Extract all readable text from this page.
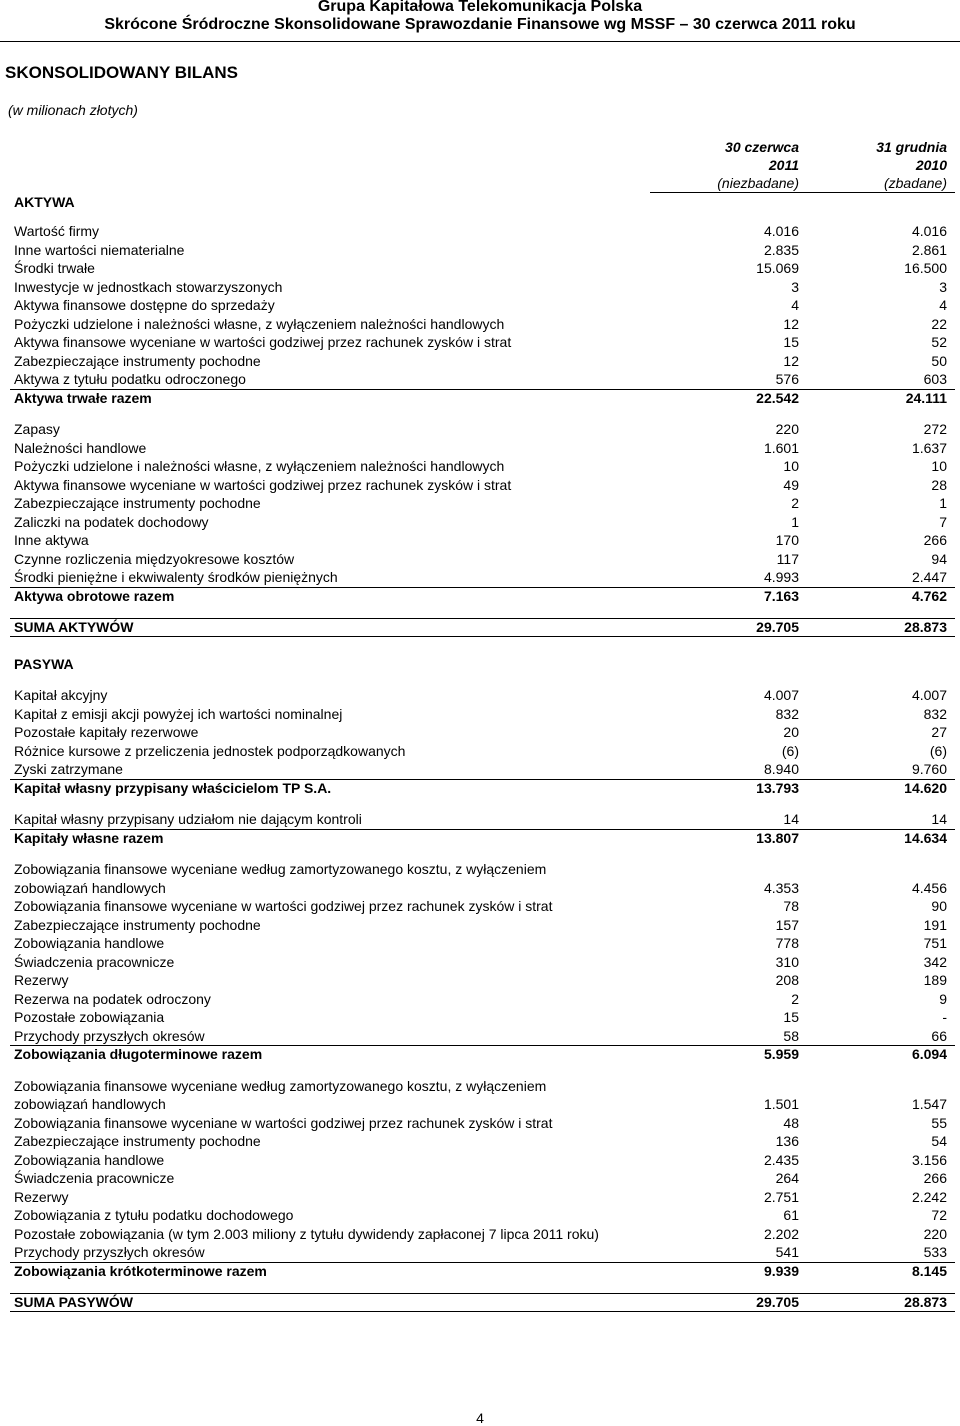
Grupa Kapitałowa Telekomunikacja Polska
Skrócone Śródroczne Skonsolidowane Sprawozdanie Finansowe wg MSSF – 30 czerwca 2011 roku
SKONSOLIDOWANY BILANS
(w milionach złotych)
AKTYWA
30 czerwca
2011
(niezbadane)
31 grudnia
2010
(zbadane)
Wartość firmy	4.016	4.016
Inne wartości niematerialne	2.835	2.861
Środki trwałe	15.069	16.500
Inwestycje w jednostkach stowarzyszonych	3	3
Aktywa finansowe dostępne do sprzedaży	4	4
Pożyczki udzielone i należności własne, z wyłączeniem należności handlowych	12	22
Aktywa finansowe wyceniane w wartości godziwej przez rachunek zysków i strat	15	52
Zabezpieczające instrumenty pochodne	12	50
Aktywa z tytułu podatku odroczonego	576	603
Aktywa trwałe razem	22.542	24.111
Zapasy	220	272
Należności handlowe	1.601	1.637
Pożyczki udzielone i należności własne, z wyłączeniem należności handlowych	10	10
Aktywa finansowe wyceniane w wartości godziwej przez rachunek zysków i strat	49	28
Zabezpieczające instrumenty pochodne	2	1
Zaliczki na podatek dochodowy	1	7
Inne aktywa	170	266
Czynne rozliczenia międzyokresowe kosztów	117	94
Środki pieniężne i ekwiwalenty środków pieniężnych	4.993	2.447
Aktywa obrotowe razem	7.163	4.762
SUMA AKTYWÓW	29.705	28.873
PASYWA
Kapitał akcyjny	4.007	4.007
Kapitał z emisji akcji powyżej ich wartości nominalnej	832	832
Pozostałe kapitały rezerwowe	20	27
Różnice kursowe z przeliczenia jednostek podporządkowanych	(6)	(6)
Zyski zatrzymane	8.940	9.760
Kapitał własny przypisany właścicielom TP S.A.	13.793	14.620
Kapitał własny przypisany udziałom nie dającym kontroli	14	14
Kapitały własne razem	13.807	14.634
Zobowiązania finansowe wyceniane według zamortyzowanego kosztu, z wyłączeniem
zobowiązań handlowych	4.353	4.456
Zobowiązania finansowe wyceniane w wartości godziwej przez rachunek zysków i strat	78	90
Zabezpieczające instrumenty pochodne	157	191
Zobowiązania handlowe	778	751
Świadczenia pracownicze	310	342
Rezerwy	208	189
Rezerwa na podatek odroczony	2	9
Pozostałe zobowiązania	15	-
Przychody przyszłych okresów	58	66
Zobowiązania długoterminowe razem	5.959	6.094
Zobowiązania finansowe wyceniane według zamortyzowanego kosztu, z wyłączeniem
zobowiązań handlowych	1.501	1.547
Zobowiązania finansowe wyceniane w wartości godziwej przez rachunek zysków i strat	48	55
Zabezpieczające instrumenty pochodne	136	54
Zobowiązania handlowe	2.435	3.156
Świadczenia pracownicze	264	266
Rezerwy	2.751	2.242
Zobowiązania z tytułu podatku dochodowego	61	72
Pozostałe zobowiązania (w tym 2.003 miliony z tytułu dywidendy zapłaconej 7 lipca 2011 roku)	2.202	220
Przychody przyszłych okresów	541	533
Zobowiązania krótkoterminowe razem	9.939	8.145
SUMA PASYWÓW	29.705	28.873
4
